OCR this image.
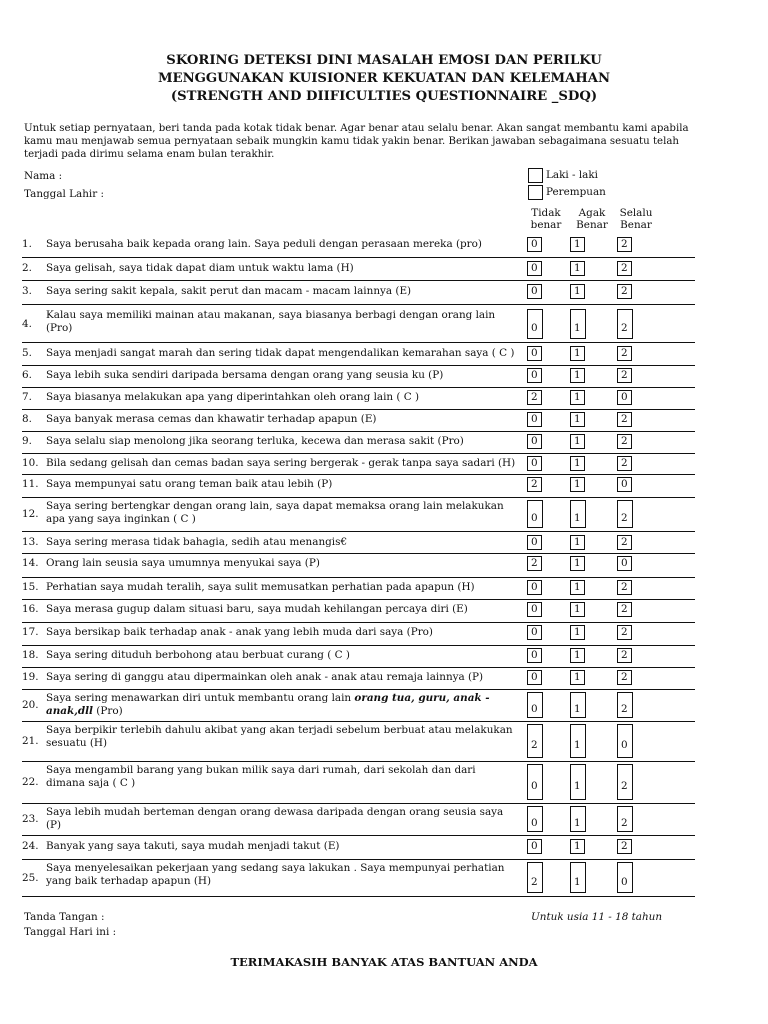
SKORING DETEKSI DINI MASALAH EMOSI DAN PERILKU
MENGGUNAKAN KUISIONER KEKUATAN DAN KELEMAHAN
(STRENGTH AND DIIFICULTIES QUESTIONNAIRE _SDQ)
Untuk setiap pernyataan, beri tanda pada kotak tidak benar. Agar benar atau selalu benar. Akan sangat membantu kami apabila kamu mau menjawab semua pernyataan sebaik mungkin kamu tidak yakin benar. Berikan jawaban sebagaimana sesuatu telah terjadi pada dirimu selama enam bulan terakhir.
Nama :
Tanggal Lahir :
Laki - laki
Perempuan
Tidak
benar
Agak
Benar
Selalu
Benar
1. Saya berusaha baik kepada orang lain. Saya peduli dengan perasaan mereka (pro)	0	1	2
2. Saya gelisah, saya tidak dapat diam untuk waktu lama (H)	0	1	2
3. Saya sering sakit kepala, sakit perut dan macam - macam lainnya (E)	0	1	2
4.
Kalau saya memiliki mainan atau makanan, saya biasanya berbagi dengan orang lain (Pro)	0	1	2
5. Saya menjadi sangat marah dan sering tidak dapat mengendalikan kemarahan saya ( C ) 0	1	2
6. Saya lebih suka sendiri daripada bersama dengan orang yang seusia ku (P)	0	1	2
7. Saya biasanya melakukan apa yang diperintahkan oleh orang lain ( C )	2	1	0
8. Saya banyak merasa cemas dan khawatir terhadap apapun (E)	0	1	2
9. Saya selalu siap menolong jika seorang terluka, kecewa dan merasa sakit (Pro)	0	1	2
10. Bila sedang gelisah dan cemas badan saya sering bergerak - gerak tanpa saya sadari (H) 0	1	2
11. Saya mempunyai satu orang teman baik atau lebih (P)	2	1	0
12.
Saya sering bertengkar dengan orang lain, saya dapat memaksa orang lain melakukan apa yang saya inginkan ( C )	0	1	2
13. Saya sering merasa tidak bahagia, sedih atau menangis€	0	1	2
14. Orang lain seusia saya umumnya menyukai saya (P)	2	1	0
15. Perhatian saya mudah teralih, saya sulit memusatkan perhatian pada apapun (H)	0	1	2
16. Saya merasa gugup dalam situasi baru, saya mudah kehilangan percaya diri (E)	0	1	2
17. Saya bersikap baik terhadap anak - anak yang lebih muda dari saya (Pro)	0	1	2
18. Saya sering dituduh berbohong atau berbuat curang ( C )	0	1	2
19. Saya sering di ganggu atau dipermainkan oleh anak - anak atau remaja lainnya (P)	0	1	2
20.
Saya sering menawarkan diri untuk membantu orang lain orang tua, guru, anak - anak,dll (Pro)	0	1	2
21.
Saya berpikir terlebih dahulu akibat yang akan terjadi sebelum berbuat atau melakukan sesuatu (H)	2	1	0
22.
Saya mengambil barang yang bukan milik saya dari rumah, dari sekolah dan dari dimana saja ( C )	0	1	2
23.
Saya lebih mudah berteman dengan orang dewasa daripada dengan orang seusia saya (P)	0	1	2
24. Banyak yang saya takuti, saya mudah menjadi takut (E)	0	1	2
25.
Saya menyelesaikan pekerjaan yang sedang saya lakukan . Saya mempunyai perhatian yang baik terhadap apapun (H)	2	1	0
Tanda Tangan :
Tanggal Hari ini :
Untuk usia 11 - 18 tahun
TERIMAKASIH BANYAK ATAS BANTUAN ANDA
